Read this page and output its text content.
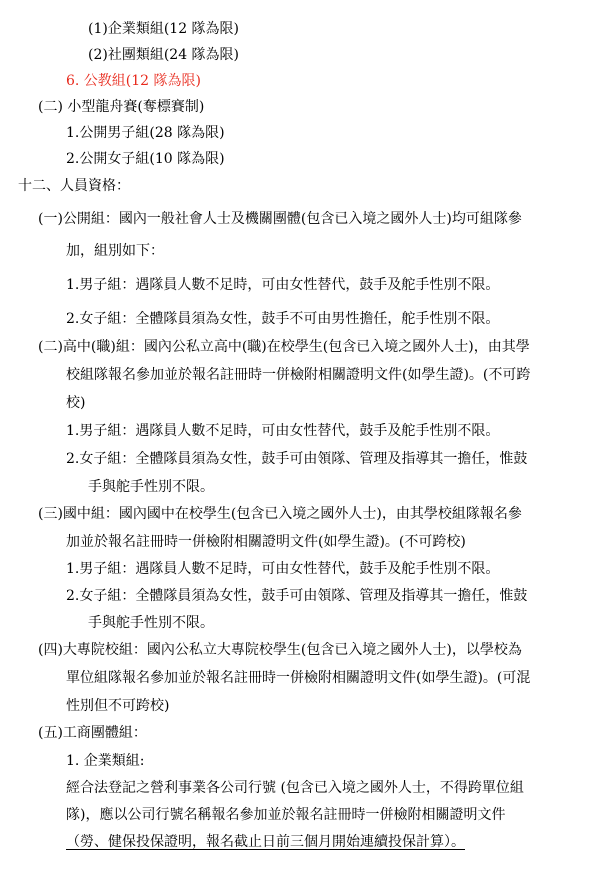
(1)企業類組(12 隊為限)
(2)社團類組(24 隊為限)
6. 公教組(12 隊為限)
(二) 小型龍舟賽(奪標賽制)
1.公開男子組(28 隊為限)
2.公開女子組(10 隊為限)
十二、人員資格：
(一)公開組：國內一般社會人士及機關團體(包含已入境之國外人士)均可組隊參
加，組別如下：
1.男子組：遇隊員人數不足時，可由女性替代，鼓手及舵手性別不限。
2.女子組：全體隊員須為女性，鼓手不可由男性擔任，舵手性別不限。
(二)高中(職)組：國內公私立高中(職)在校學生(包含已入境之國外人士)，由其學
校組隊報名參加並於報名註冊時一併檢附相關證明文件(如學生證)。(不可跨
校)
1.男子組：遇隊員人數不足時，可由女性替代，鼓手及舵手性別不限。
2.女子組：全體隊員須為女性，鼓手可由領隊、管理及指導其一擔任，惟鼓
手與舵手性別不限。
(三)國中組：國內國中在校學生(包含已入境之國外人士)，由其學校組隊報名參
加並於報名註冊時一併檢附相關證明文件(如學生證)。(不可跨校)
1.男子組：遇隊員人數不足時，可由女性替代，鼓手及舵手性別不限。
2.女子組：全體隊員須為女性，鼓手可由領隊、管理及指導其一擔任，惟鼓
手與舵手性別不限。
(四)大專院校組：國內公私立大專院校學生(包含已入境之國外人士)，以學校為
單位組隊報名參加並於報名註冊時一併檢附相關證明文件(如學生證)。(可混
性別但不可跨校)
(五)工商團體組：
1. 企業類組:
經合法登記之營利事業各公司行號 (包含已入境之國外人士，不得跨單位組
隊)，應以公司行號名稱報名參加並於報名註冊時一併檢附相關證明文件
（勞、健保投保證明，報名截止日前三個月開始連續投保計算）。
